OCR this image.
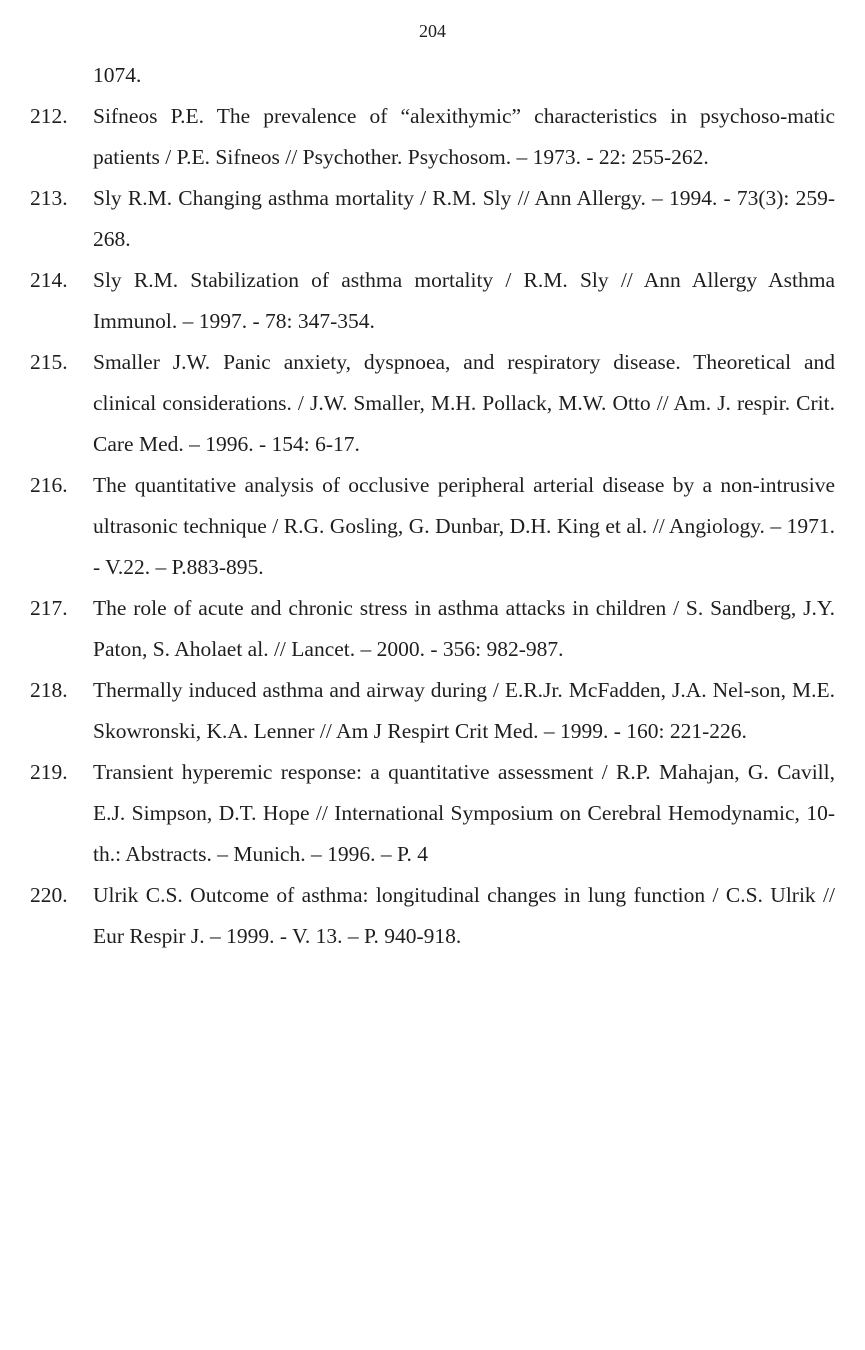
204
1074.
212.	Sifneos P.E. The prevalence of “alexithymic” characteristics in psychoso-matic patients / P.E. Sifneos // Psychother. Psychosom. – 1973. - 22: 255-262.
213.	Sly R.M. Changing asthma mortality / R.M. Sly // Ann Allergy. – 1994. - 73(3): 259-268.
214.	Sly R.M. Stabilization of asthma mortality / R.M. Sly // Ann Allergy Asthma Immunol. – 1997. - 78: 347-354.
215.	Smaller J.W. Panic anxiety, dyspnoea, and respiratory disease. Theoretical and clinical considerations. / J.W. Smaller, M.H. Pollack, M.W. Otto // Am. J. respir. Crit. Care Med. – 1996. - 154: 6-17.
216.	The quantitative analysis of occlusive peripheral arterial disease by a non-intrusive ultrasonic technique / R.G. Gosling, G. Dunbar, D.H. King et al. // Angiology. – 1971. - V.22. – P.883-895.
217.	The role of acute and chronic stress in asthma attacks in children / S. Sandberg, J.Y. Paton, S. Aholaet al. // Lancet. – 2000. - 356: 982-987.
218.	Thermally induced asthma and airway during / E.R.Jr. McFadden, J.A. Nel-son, M.E. Skowronski, K.A. Lenner // Am J Respirt Crit Med. – 1999. - 160: 221-226.
219.	Transient hyperemic response: a quantitative assessment / R.P. Mahajan, G. Cavill, E.J. Simpson, D.T. Hope // International Symposium on Cerebral Hemodynamic, 10-th.: Abstracts. – Munich. – 1996. – P. 4
220.	Ulrik C.S. Outcome of asthma: longitudinal changes in lung function / C.S. Ulrik // Eur Respir J. – 1999. - V. 13. – P. 940-918.
